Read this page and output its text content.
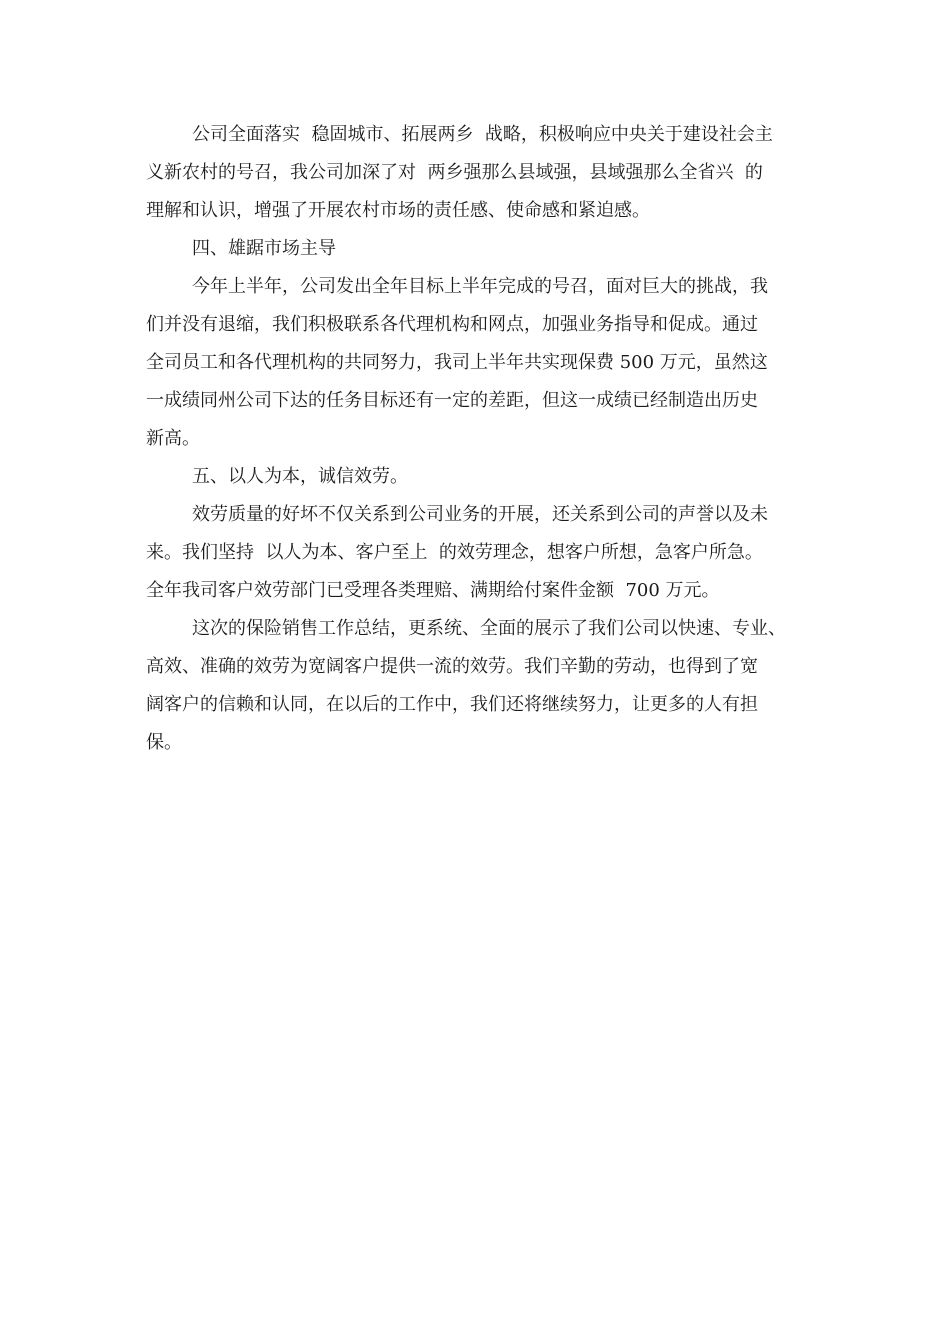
公司全面落实  稳固城市、拓展两乡  战略，积极响应中央关于建设社会主
义新农村的号召，我公司加深了对  两乡强那么县域强，县域强那么全省兴  的
理解和认识，增强了开展农村市场的责任感、使命感和紧迫感。
四、雄踞市场主导
今年上半年，公司发出全年目标上半年完成的号召，面对巨大的挑战，我
们并没有退缩，我们积极联系各代理机构和网点，加强业务指导和促成。通过
全司员工和各代理机构的共同努力，我司上半年共实现保费 500 万元，虽然这
一成绩同州公司下达的任务目标还有一定的差距，但这一成绩已经制造出历史
新高。
五、以人为本，诚信效劳。
效劳质量的好坏不仅关系到公司业务的开展，还关系到公司的声誉以及未
来。我们坚持  以人为本、客户至上  的效劳理念，想客户所想，急客户所急。
全年我司客户效劳部门已受理各类理赔、满期给付案件金额  700 万元。
这次的保险销售工作总结，更系统、全面的展示了我们公司以快速、专业、
高效、准确的效劳为宽阔客户提供一流的效劳。我们辛勤的劳动，也得到了宽
阔客户的信赖和认同，在以后的工作中，我们还将继续努力，让更多的人有担
保。
